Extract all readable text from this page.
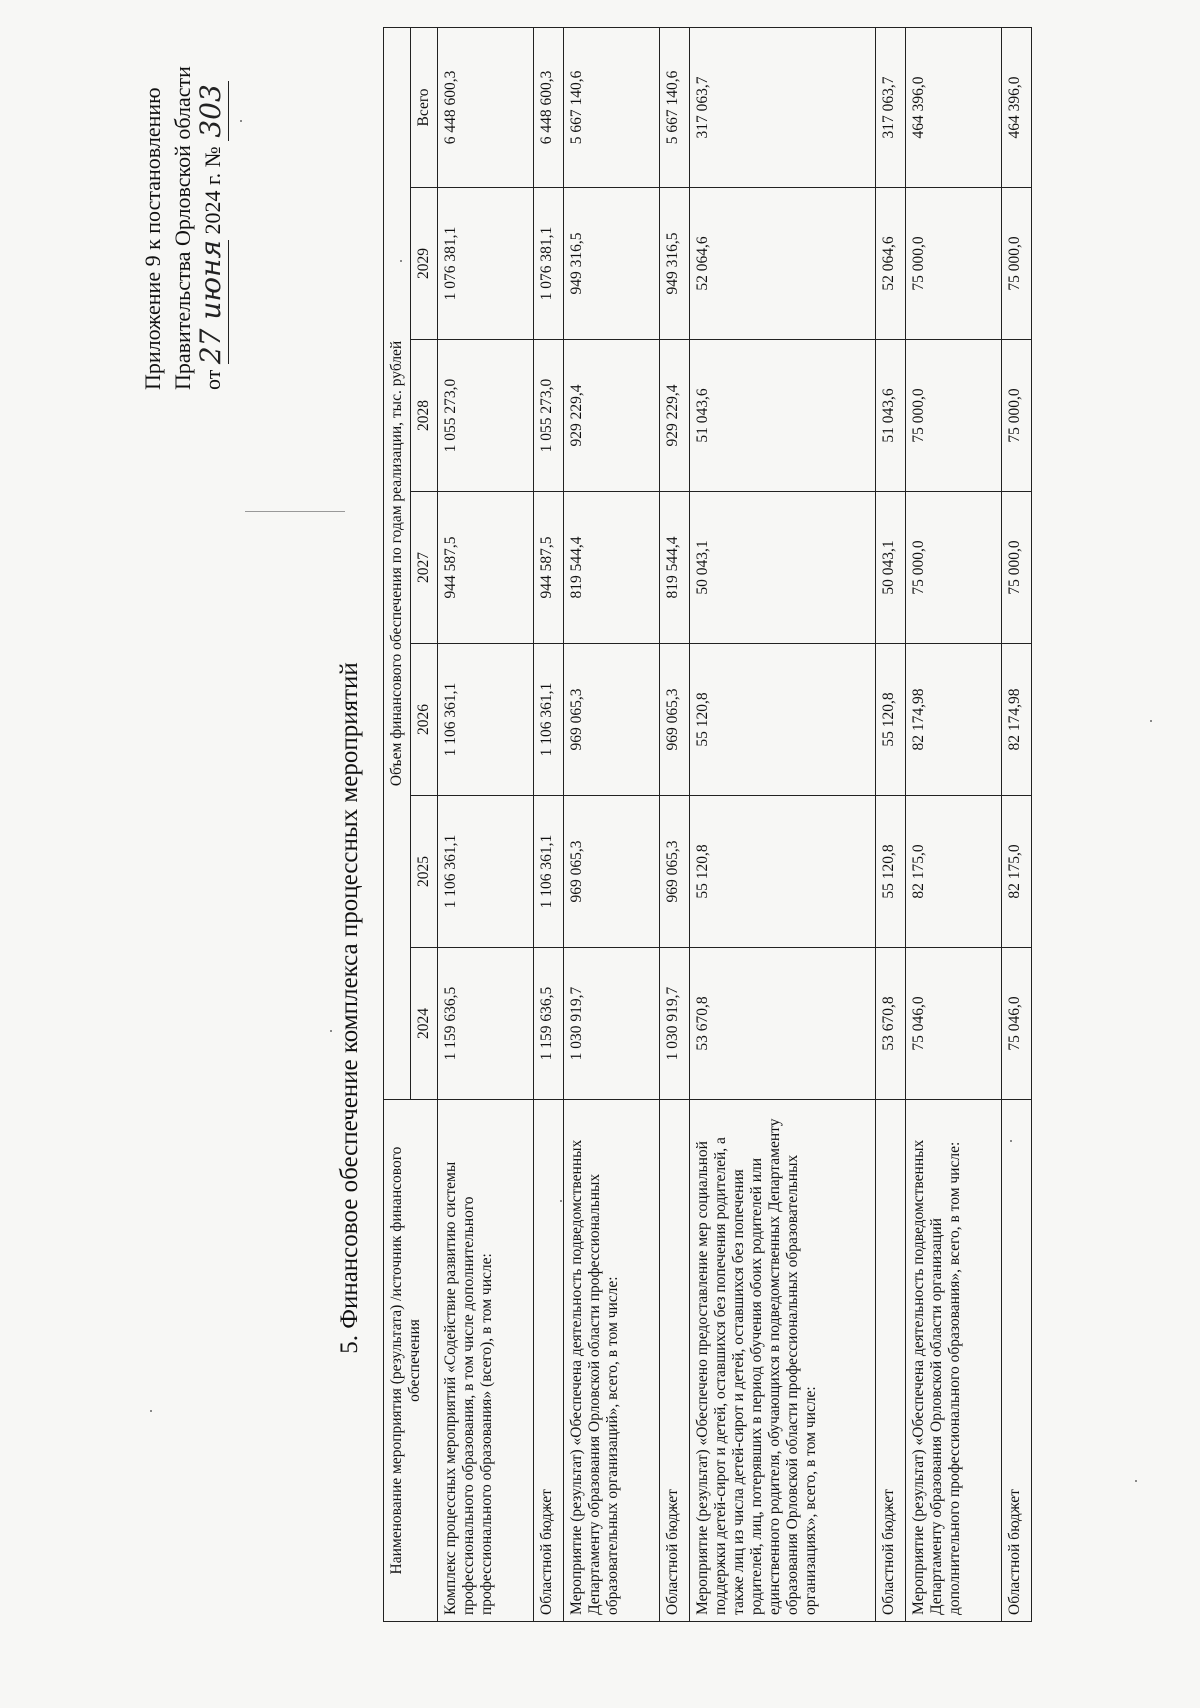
Приложение 9 к постановлению Правительства Орловской области от 27 июня 2024 г. № 303
5. Финансовое обеспечение комплекса процессных мероприятий
Наименование мероприятия (результата) /источник финансового обеспечения	Объем финансового обеспечения по годам реализации, тыс. рублей						
	2024	2025	2026	2027	2028	2029	Всего
Комплекс процессных мероприятий «Содействие развитию системы профессионального образования, в том числе дополнительного профессионального образования» (всего), в том числе:	1 159 636,5	1 106 361,1	1 106 361,1	944 587,5	1 055 273,0	1 076 381,1	6 448 600,3
Областной бюджет	1 159 636,5	1 106 361,1	1 106 361,1	944 587,5	1 055 273,0	1 076 381,1	6 448 600,3
Мероприятие (результат) «Обеспечена деятельность подведомственных Департаменту образования Орловской области профессиональных образовательных организаций», всего, в том числе:	1 030 919,7	969 065,3	969 065,3	819 544,4	929 229,4	949 316,5	5 667 140,6
Областной бюджет	1 030 919,7	969 065,3	969 065,3	819 544,4	929 229,4	949 316,5	5 667 140,6
Мероприятие (результат) «Обеспечено предоставление мер социальной поддержки детей-сирот и детей, оставшихся без попечения родителей, а также лиц из числа детей-сирот и детей, оставшихся без попечения родителей, лиц, потерявших в период обучения обоих родителей или единственного родителя, обучающихся в подведомственных Департаменту образования Орловской области профессиональных образовательных организациях», всего, в том числе:	53 670,8	55 120,8	55 120,8	50 043,1	51 043,6	52 064,6	317 063,7
Областной бюджет	53 670,8	55 120,8	55 120,8	50 043,1	51 043,6	52 064,6	317 063,7
Мероприятие (результат) «Обеспечена деятельность подведомственных Департаменту образования Орловской области организаций дополнительного профессионального образования», всего, в том числе:	75 046,0	82 175,0	82 174,98	75 000,0	75 000,0	75 000,0	464 396,0
Областной бюджет	75 046,0	82 175,0	82 174,98	75 000,0	75 000,0	75 000,0	464 396,0
